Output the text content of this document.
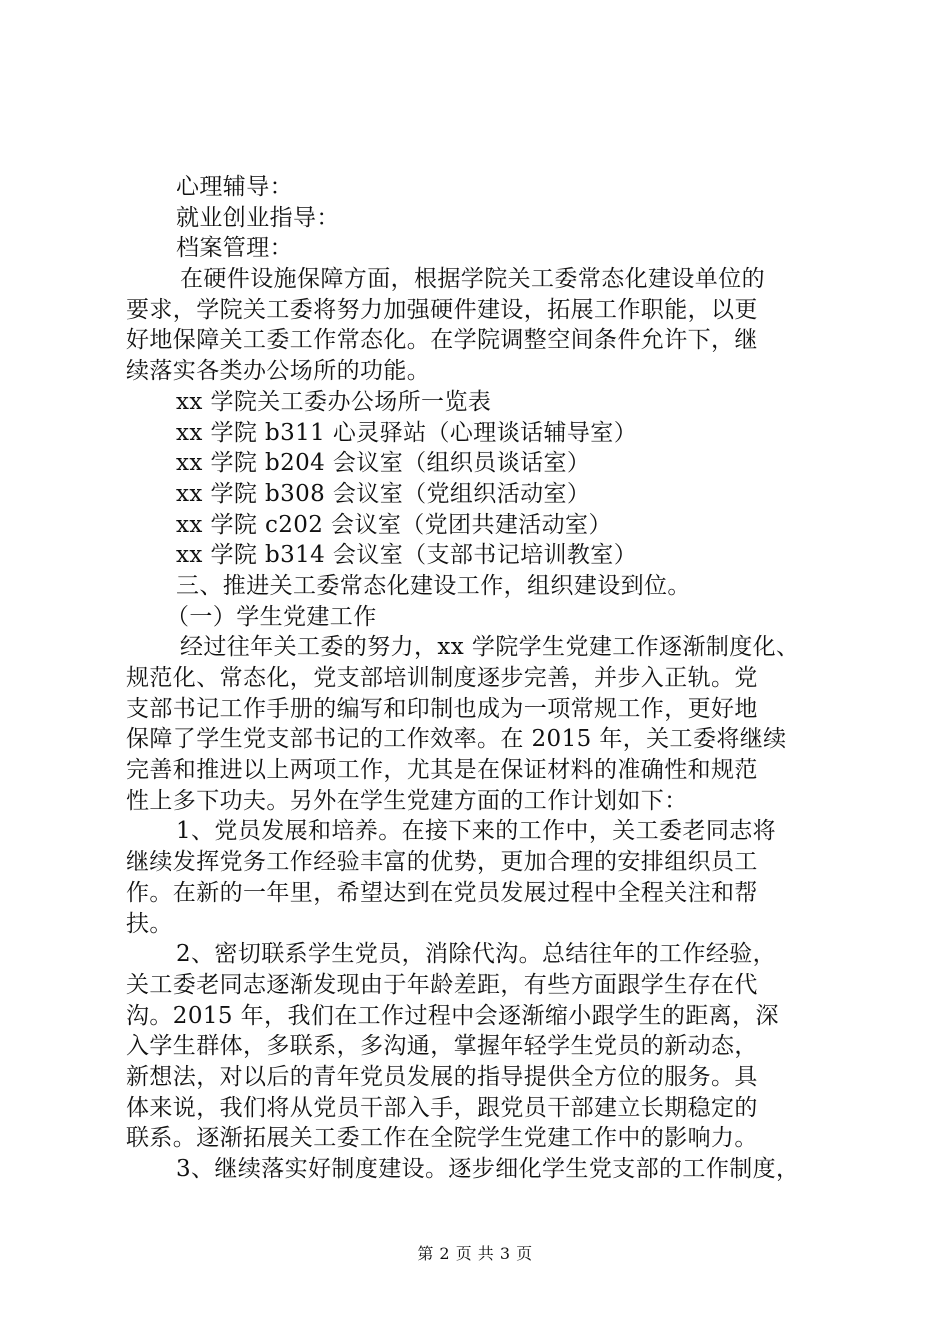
心理辅导：
就业创业指导：
档案管理：
在硬件设施保障方面，根据学院关工委常态化建设单位的
要求，学院关工委将努力加强硬件建设，拓展工作职能，以更
好地保障关工委工作常态化。在学院调整空间条件允许下，继
续落实各类办公场所的功能。
xx 学院关工委办公场所一览表
xx 学院 b311 心灵驿站（心理谈话辅导室）
xx 学院 b204 会议室（组织员谈话室）
xx 学院 b308 会议室（党组织活动室）
xx 学院 c202 会议室（党团共建活动室）
xx 学院 b314 会议室（支部书记培训教室）
三、推进关工委常态化建设工作，组织建设到位。
（一）学生党建工作
经过往年关工委的努力，xx 学院学生党建工作逐渐制度化、
规范化、常态化，党支部培训制度逐步完善，并步入正轨。党
支部书记工作手册的编写和印制也成为一项常规工作，更好地
保障了学生党支部书记的工作效率。在 2015 年，关工委将继续
完善和推进以上两项工作，尤其是在保证材料的准确性和规范
性上多下功夫。另外在学生党建方面的工作计划如下：
1、党员发展和培养。在接下来的工作中，关工委老同志将
继续发挥党务工作经验丰富的优势，更加合理的安排组织员工
作。在新的一年里，希望达到在党员发展过程中全程关注和帮
扶。
2、密切联系学生党员，消除代沟。总结往年的工作经验，
关工委老同志逐渐发现由于年龄差距，有些方面跟学生存在代
沟。2015 年，我们在工作过程中会逐渐缩小跟学生的距离，深
入学生群体，多联系，多沟通，掌握年轻学生党员的新动态，
新想法，对以后的青年党员发展的指导提供全方位的服务。具
体来说，我们将从党员干部入手，跟党员干部建立长期稳定的
联系。逐渐拓展关工委工作在全院学生党建工作中的影响力。
3、继续落实好制度建设。逐步细化学生党支部的工作制度，
第 2 页 共 3 页
